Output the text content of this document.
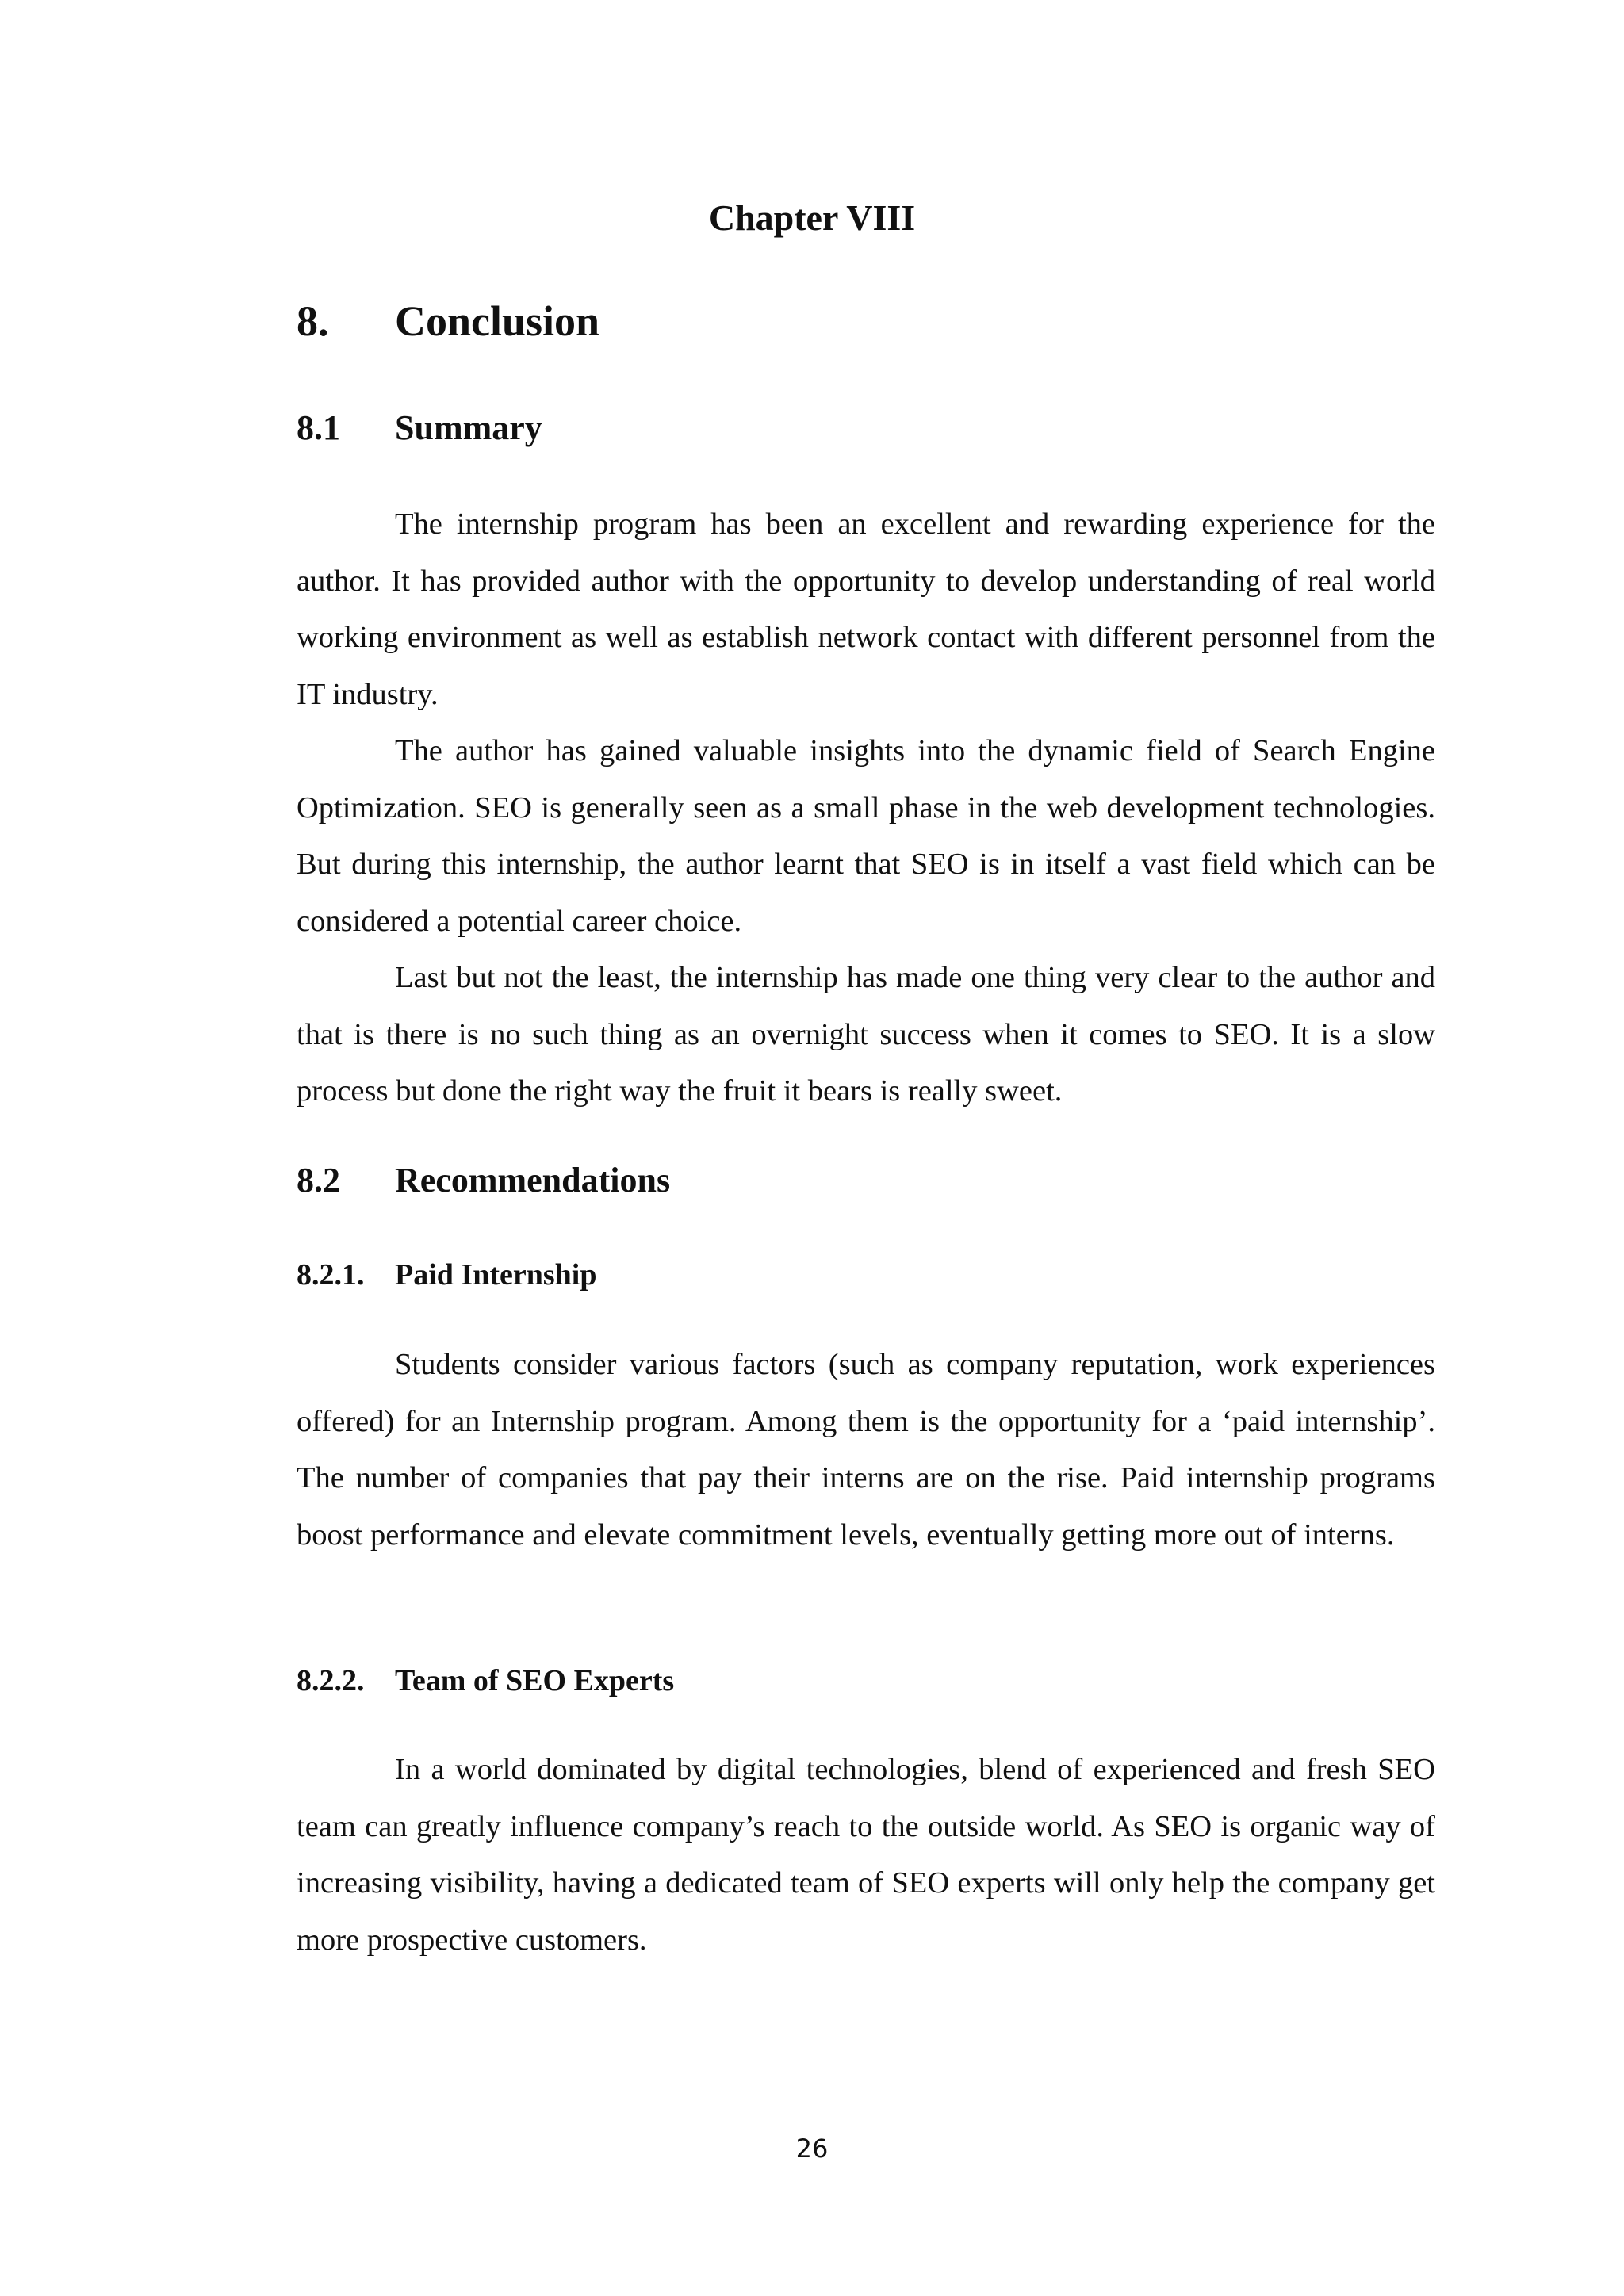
Chapter VIII
8. Conclusion
8.1 Summary

The internship program has been an excellent and rewarding experience for the author. It has provided author with the opportunity to develop understanding of real world working environment as well as establish network contact with different personnel from the IT industry.

The author has gained valuable insights into the dynamic field of Search Engine Optimization. SEO is generally seen as a small phase in the web development technologies. But during this internship, the author learnt that SEO is in itself a vast field which can be considered a potential career choice.

Last but not the least, the internship has made one thing very clear to the author and that is there is no such thing as an overnight success when it comes to SEO. It is a slow process but done the right way the fruit it bears is really sweet.

8.2 Recommendations
8.2.1. Paid Internship

Students consider various factors (such as company reputation, work experiences offered) for an Internship program. Among them is the opportunity for a ‘paid internship’. The number of companies that pay their interns are on the rise. Paid internship programs boost performance and elevate commitment levels, eventually getting more out of interns.

8.2.2. Team of SEO Experts

In a world dominated by digital technologies, blend of experienced and fresh SEO team can greatly influence company’s reach to the outside world. As SEO is organic way of increasing visibility, having a dedicated team of SEO experts will only help the company get more prospective customers.

26
